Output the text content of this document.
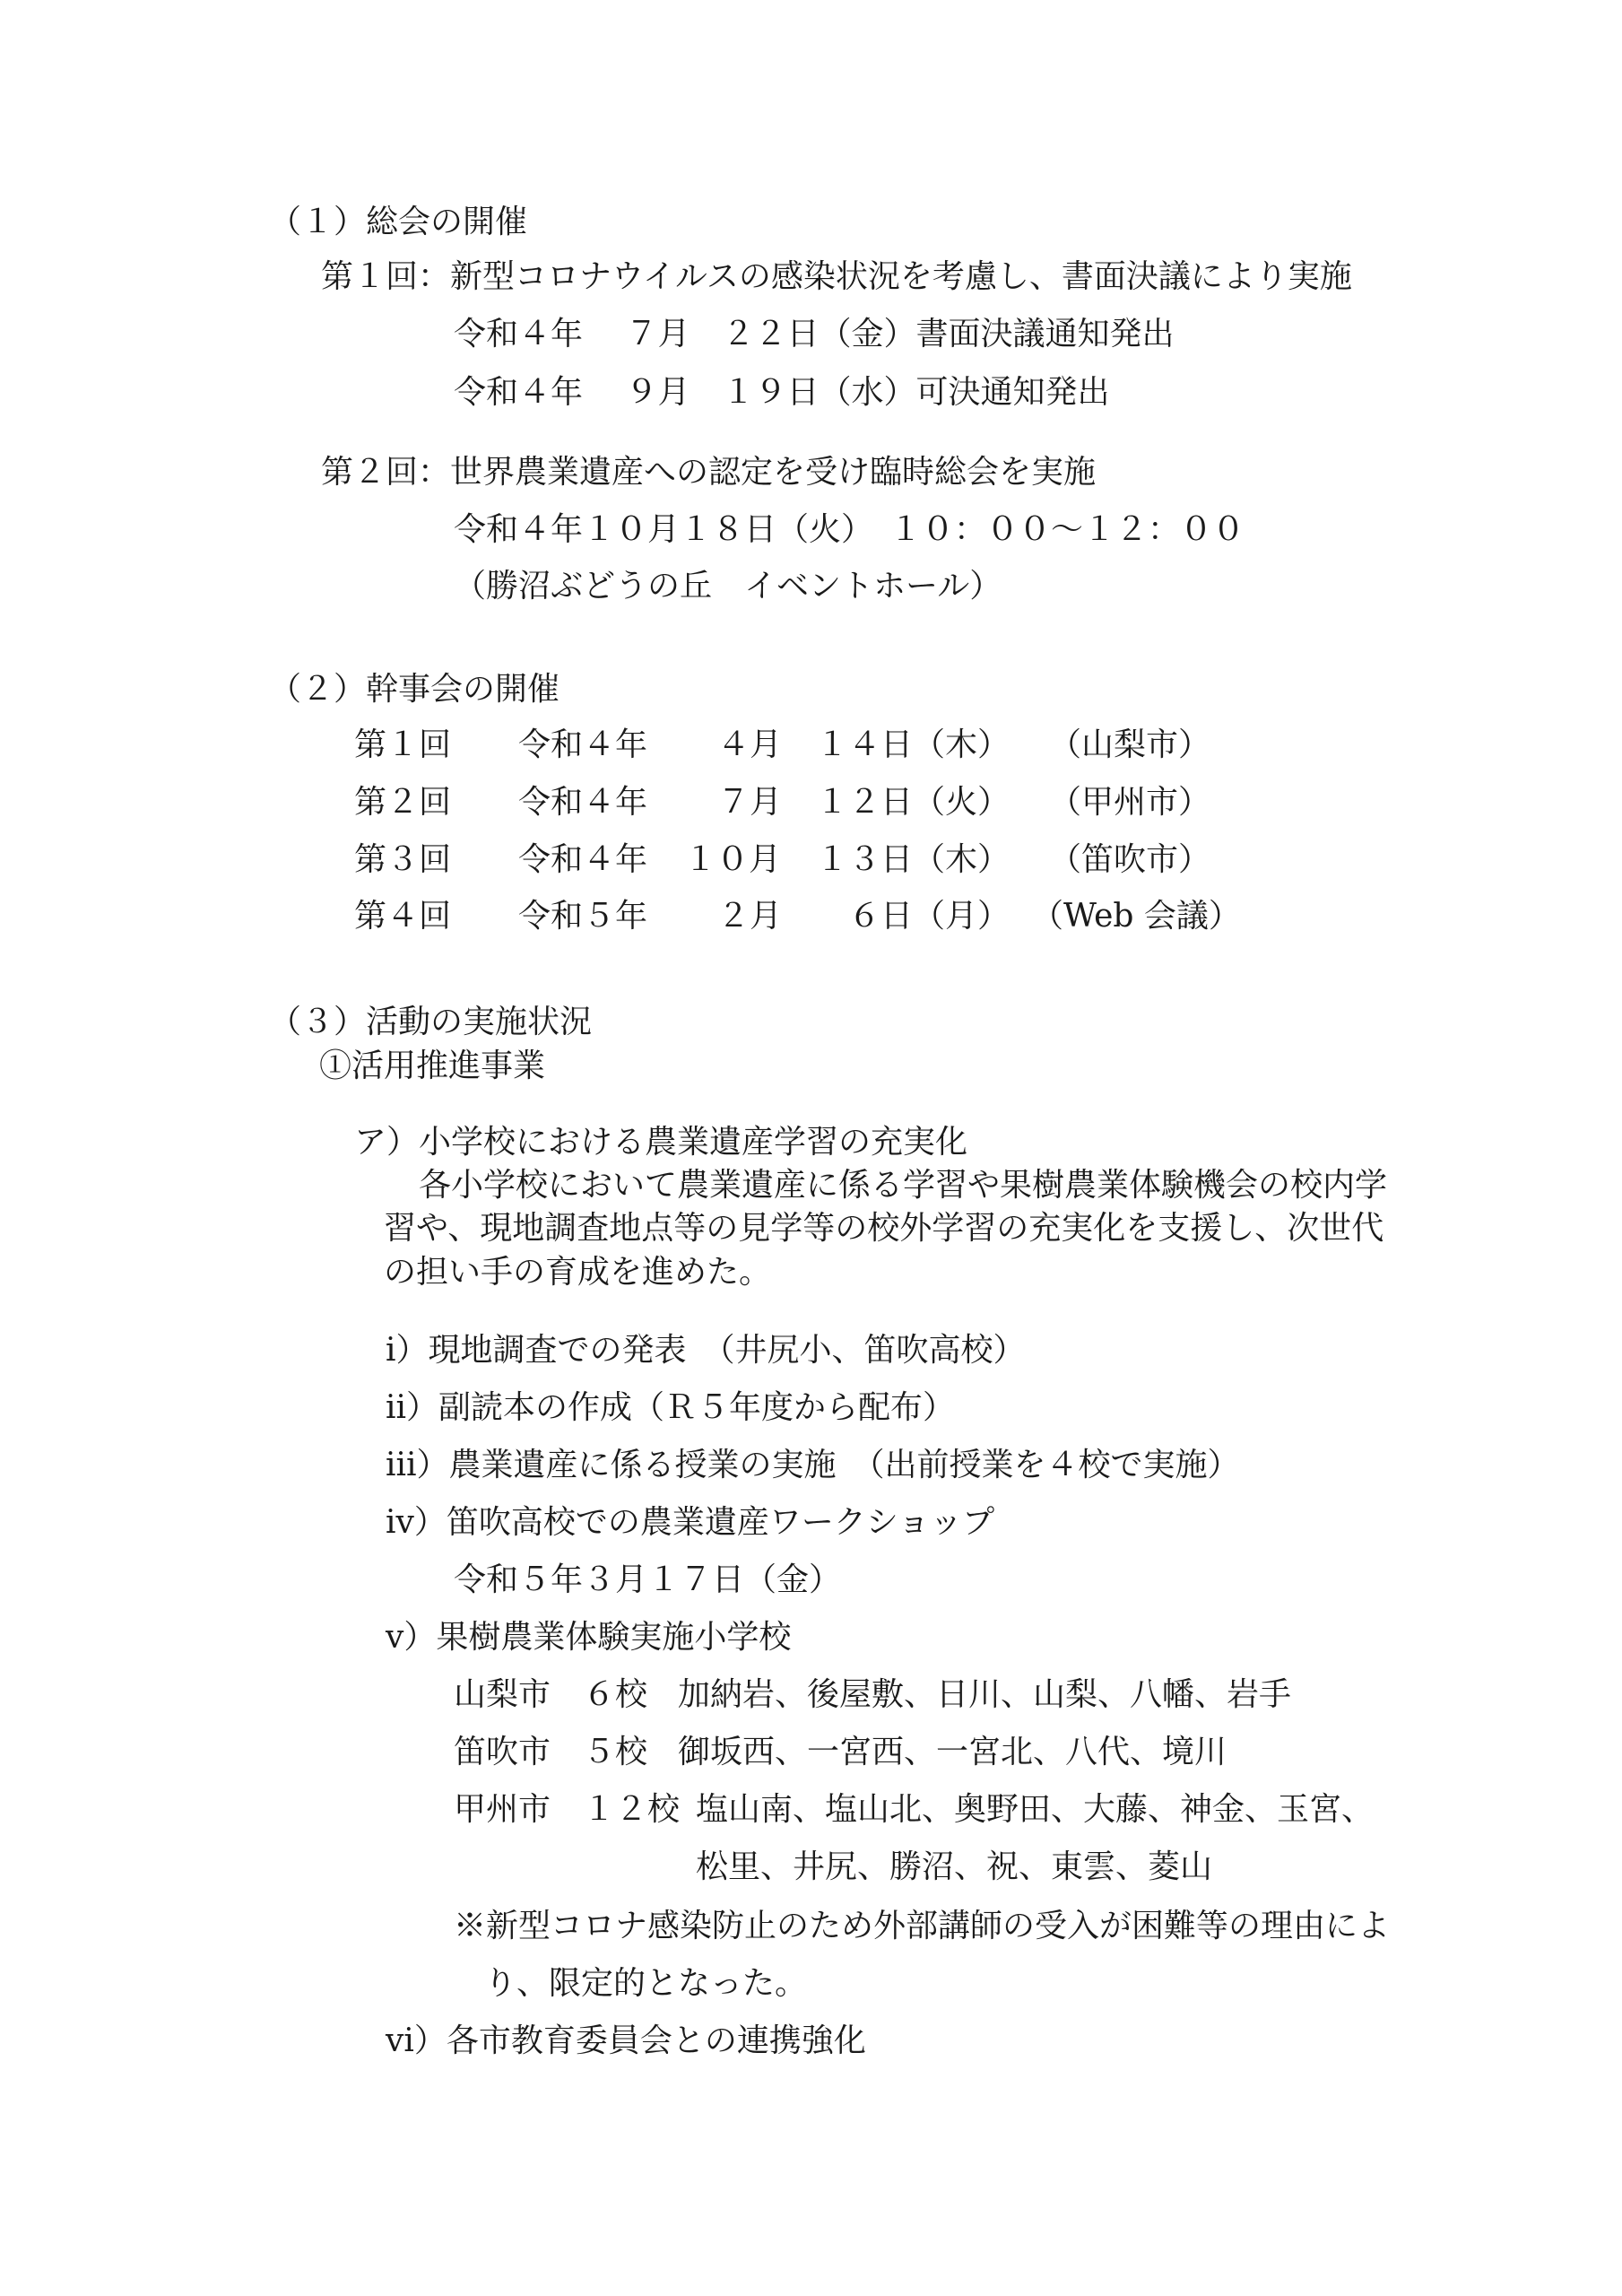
（１）総会の開催
第１回：新型コロナウイルスの感染状況を考慮し、書面決議により実施
令和４年　 ７月　２２日（金）書面決議通知発出
令和４年　 ９月　１９日（水）可決通知発出
第２回：世界農業遺産への認定を受け臨時総会を実施
令和４年１０月１８日（火）　１０：００～１２：００
（勝沼ぶどうの丘　イベントホール）
（２）幹事会の開催
第１回 令和４年 ４月 １４日（木） （山梨市）
第２回 令和４年 ７月 １２日（火） （甲州市）
第３回 令和４年 １０月 １３日（木） （笛吹市）
第４回 令和５年 ２月 ６日（月） （Web 会議）
（３）活動の実施状況
①活用推進事業
ア）小学校における農業遺産学習の充実化
各小学校において農業遺産に係る学習や果樹農業体験機会の校内学
習や、現地調査地点等の見学等の校外学習の充実化を支援し、次世代
の担い手の育成を進めた。
ⅰ）現地調査での発表　（井尻小、笛吹高校）
ⅱ）副読本の作成（Ｒ５年度から配布）
ⅲ）農業遺産に係る授業の実施　（出前授業を４校で実施）
ⅳ）笛吹高校での農業遺産ワークショップ
令和５年３月１７日（金）
ⅴ）果樹農業体験実施小学校
山梨市 ６校 加納岩、後屋敷、日川、山梨、八幡、岩手
笛吹市 ５校 御坂西、一宮西、一宮北、八代、境川
甲州市 １２校 塩山南、塩山北、奥野田、大藤、神金、玉宮、
松里、井尻、勝沼、祝、東雲、菱山
※新型コロナ感染防止のため外部講師の受入が困難等の理由によ
り、限定的となった。
ⅵ）各市教育委員会との連携強化
